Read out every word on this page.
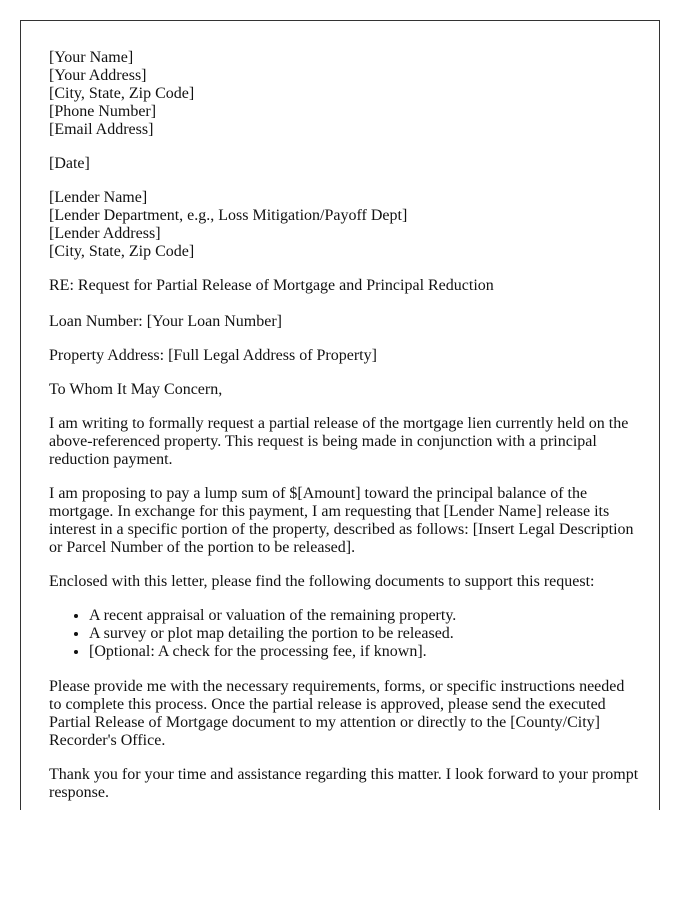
[Your Name]
[Your Address]
[City, State, Zip Code]
[Phone Number]
[Email Address]
[Date]
[Lender Name]
[Lender Department, e.g., Loss Mitigation/Payoff Dept]
[Lender Address]
[City, State, Zip Code]

RE: Request for Partial Release of Mortgage and Principal Reduction

Loan Number: [Your Loan Number]

Property Address: [Full Legal Address of Property]

To Whom It May Concern,

I am writing to formally request a partial release of the mortgage lien currently held on the above-referenced property. This request is being made in conjunction with a principal reduction payment.

I am proposing to pay a lump sum of $[Amount] toward the principal balance of the mortgage. In exchange for this payment, I am requesting that [Lender Name] release its interest in a specific portion of the property, described as follows: [Insert Legal Description or Parcel Number of the portion to be released].

Enclosed with this letter, please find the following documents to support this request:

• A recent appraisal or valuation of the remaining property.
• A survey or plot map detailing the portion to be released.
• [Optional: A check for the processing fee, if known].

Please provide me with the necessary requirements, forms, or specific instructions needed to complete this process. Once the partial release is approved, please send the executed Partial Release of Mortgage document to my attention or directly to the [County/City] Recorder's Office.

Thank you for your time and assistance regarding this matter. I look forward to your prompt response.
